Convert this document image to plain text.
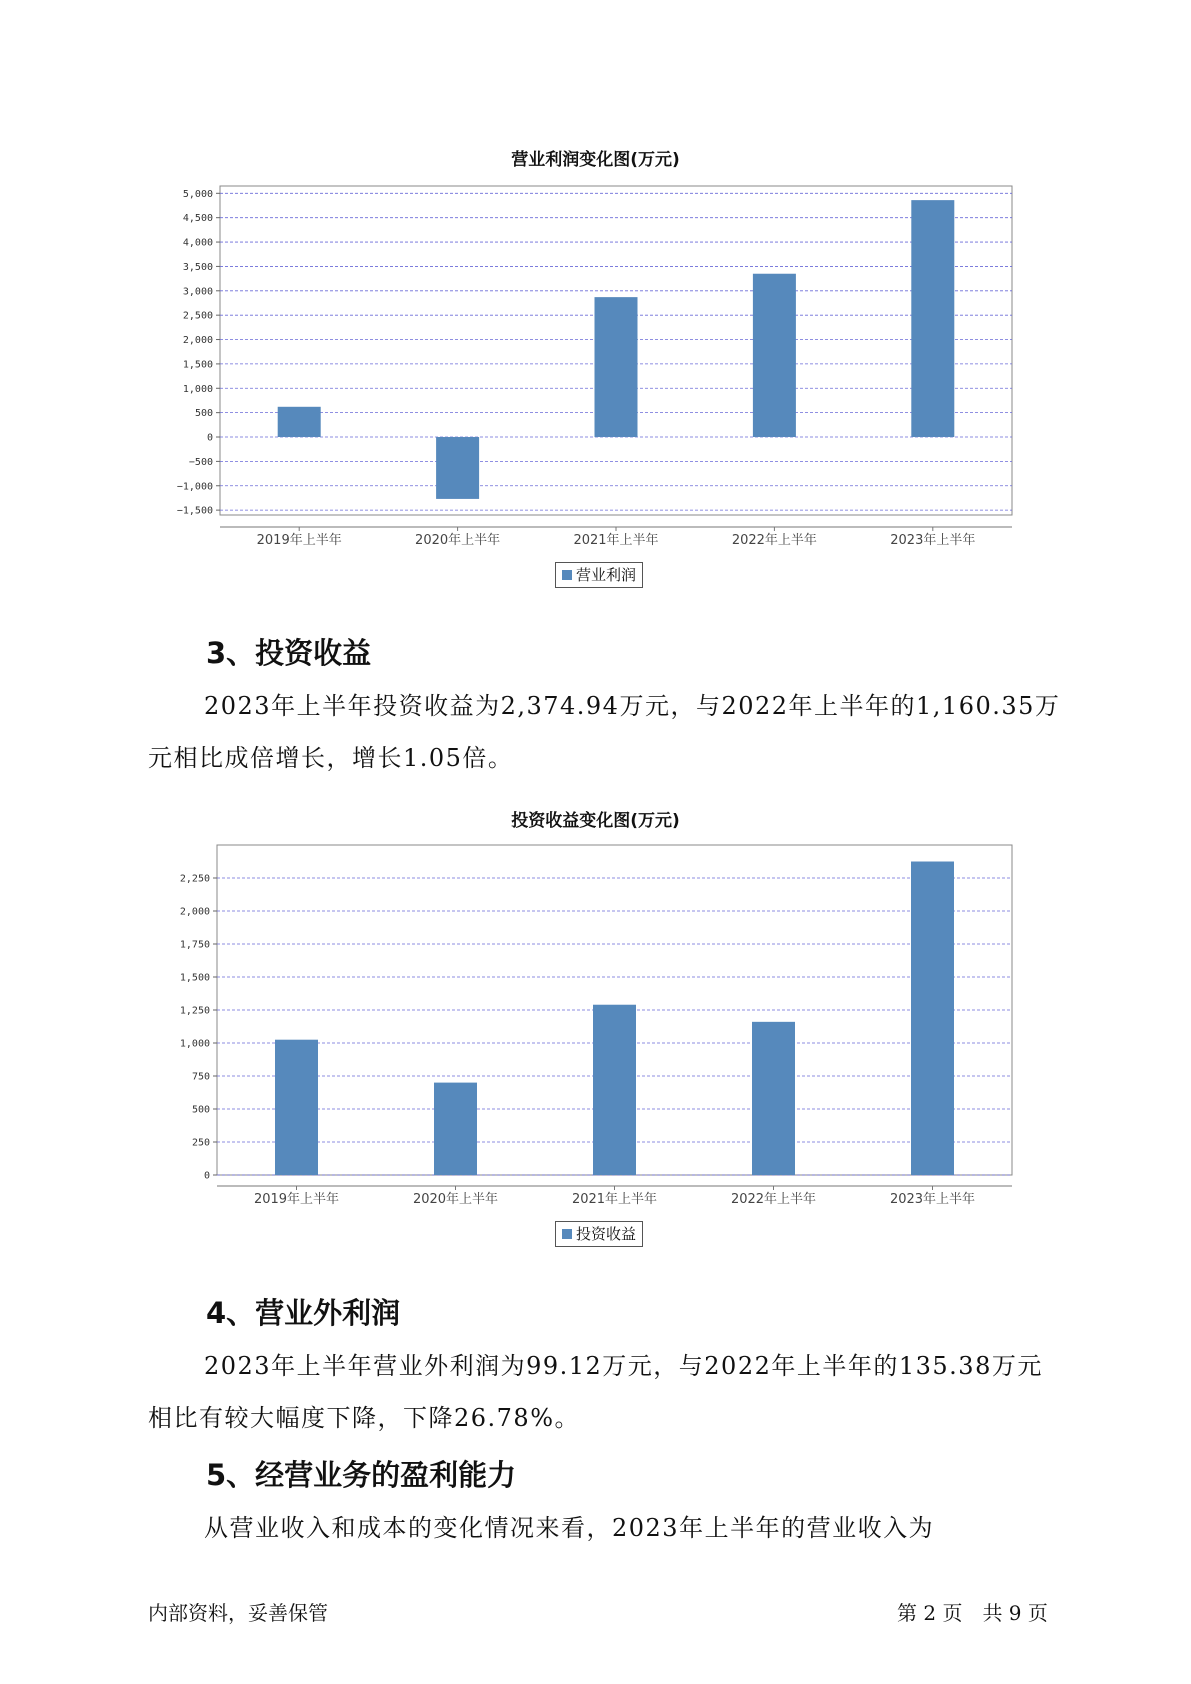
营业利润变化图(万元)
5,000
4,500
4,000
3,500
3,000
2,500
2,000
1,500
1,000
500
0
−500
−1,000
−1,500
2019年上半年	2020年上半年	2021年上半年	2022年上半年	2023年上半年
营业利润
3、投资收益

2023年上半年投资收益为2,374.94万元，与2022年上半年的1,160.35万元相比成倍增长，增长1.05倍。

投资收益变化图(万元)
2,250
2,000
1,750
1,500
1,250
1,000
750
500
250
0
2019年上半年	2020年上半年	2021年上半年	2022年上半年	2023年上半年
投资收益
4、营业外利润

2023年上半年营业外利润为99.12万元，与2022年上半年的135.38万元相比有较大幅度下降，下降26.78%。

5、经营业务的盈利能力

从营业收入和成本的变化情况来看，2023年上半年的营业收入为

内部资料，妥善保管	第 2 页　共 9 页
